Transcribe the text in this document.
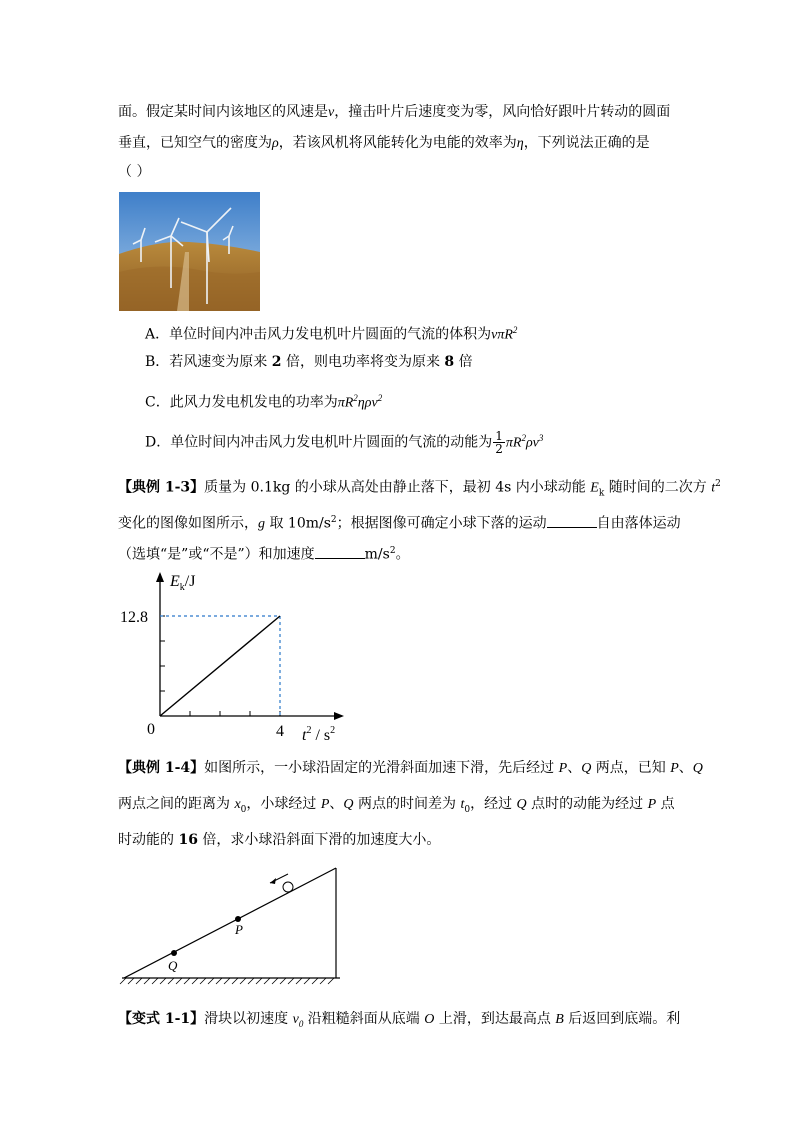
面。假定某时间内该地区的风速是v，撞击叶片后速度变为零，风向恰好跟叶片转动的圆面
垂直，已知空气的密度为ρ，若该风机将风能转化为电能的效率为η，下列说法正确的是
（ ）
A．单位时间内冲击风力发电机叶片圆面的气流的体积为vπR$^2$
B．若风速变为原来 2 倍，则电功率将变为原来 8 倍
C．此风力发电机发电的功率为$\pi R^2\eta\rho v^2$
D．单位时间内冲击风力发电机叶片圆面的气流的动能为 $\frac{1}{2} \pi R^2\rho v^3$
【典例 1-3】质量为 0.1kg 的小球从高处由静止落下，最初 4s 内小球动能 $E_k$ 随时间的二次方 $t^2$
变化的图像如图所示，g 取 $10m/s^2$；根据图像可确定小球下落的运动	自由落体运动
（选填“是”或“不是”）和加速度	$m/s^2$。
12.8
4
0
$E_k/J$
$t^2 / s^2$
【典例 1-4】如图所示，一小球沿固定的光滑斜面加速下滑，先后经过 P、Q 两点，已知 P、Q
两点之间的距离为 $x_0$，小球经过 P、Q 两点的时间差为 $t_0$，经过 Q 点时的动能为经过 P 点
时动能的 16 倍，求小球沿斜面下滑的加速度大小。
P
Q
【变式 1-1】滑块以初速度 $v_0$ 沿粗糙斜面从底端 O 上滑，到达最高点 B 后返回到底端。利
